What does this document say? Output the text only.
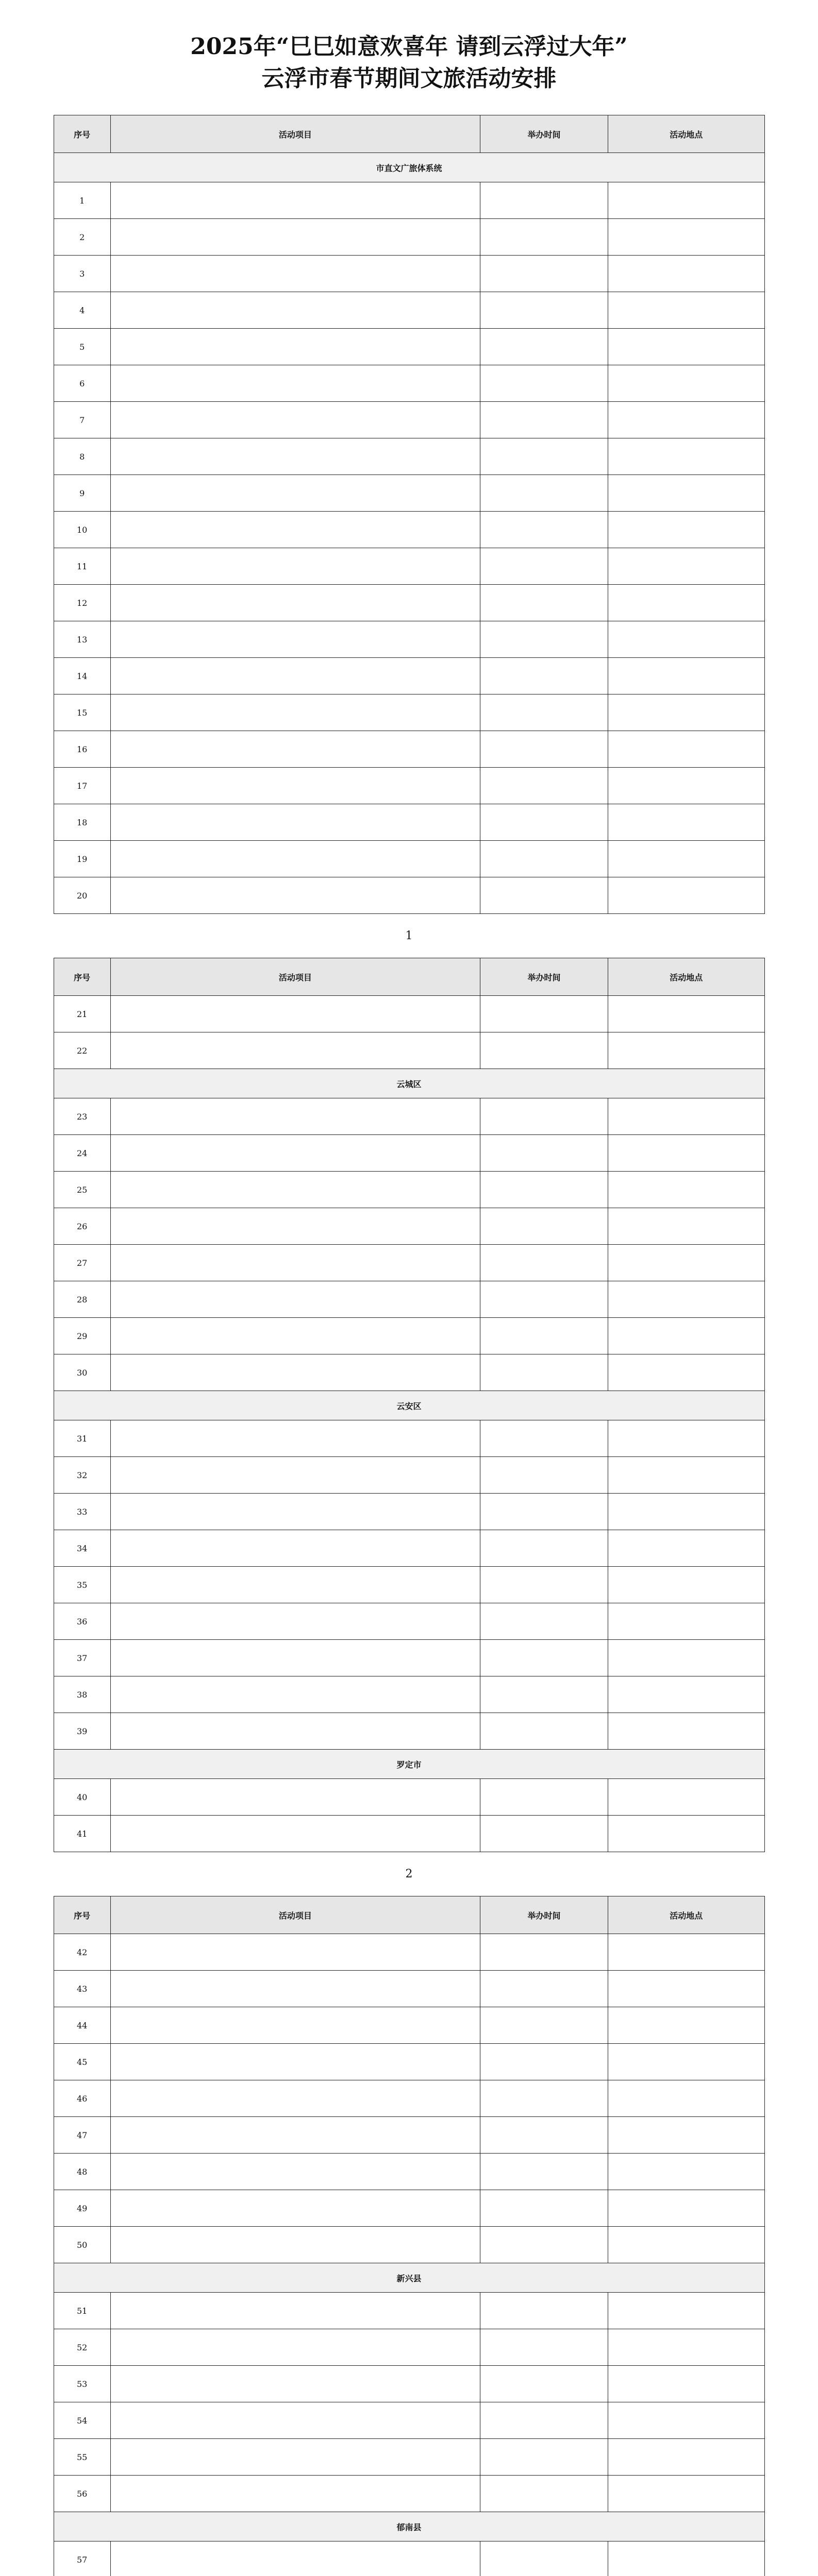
2025年“巳巳如意欢喜年 请到云浮过大年”
云浮市春节期间文旅活动安排
序号	活动项目	举办时间	活动地点
市直文广旅体系统			
1			
2			
3			
4			
5			
6			
7			
8			
9			
10			
11			
12			
13			
14			
15			
16			
17			
18			
19			
20			
1
序号	活动项目	举办时间	活动地点
21			
22			
云城区			
23			
24			
25			
26			
27			
28			
29			
30			
云安区			
31			
32			
33			
34			
35			
36			
37			
38			
39			
罗定市			
40			
41			
2
序号	活动项目	举办时间	活动地点
42			
43			
44			
45			
46			
47			
48			
49			
50			
新兴县			
51			
52			
53			
54			
55			
56			
郁南县			
57			
